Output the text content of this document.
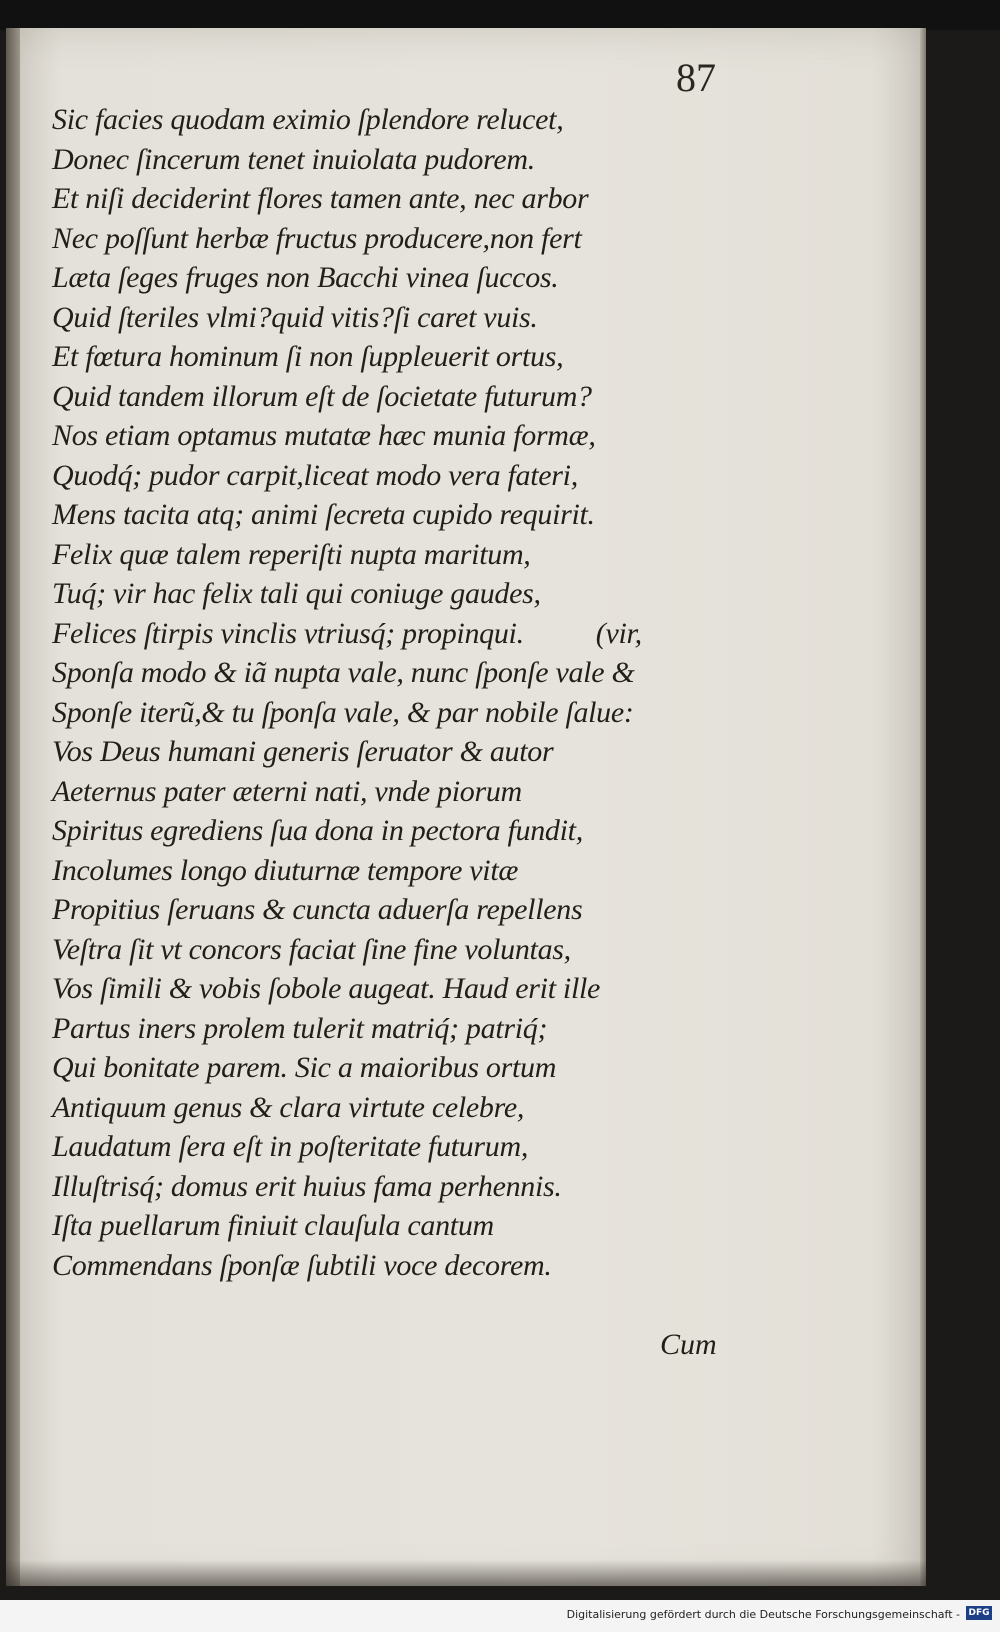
87
Sic facies quodam eximio ſplendore relucet,
Donec ſincerum tenet inuiolata pudorem.
Et niſi deciderint flores tamen ante, nec arbor
Nec poſſunt herbæ fructus producere,non fert
Læta ſeges fruges non Bacchi vinea ſuccos.
Quid ſteriles vlmi?quid vitis?ſi caret vuis.
Et fœtura hominum ſi non ſuppleuerit ortus,
Quid tandem illorum eſt de ſocietate futurum?
Nos etiam optamus mutatæ hæc munia formæ,
Quodq́; pudor carpit,liceat modo vera fateri,
Mens tacita atq; animi ſecreta cupido requirit.
Felix quæ talem reperiſti nupta maritum,
Tuq́; vir hac felix tali qui coniuge gaudes,
Felices ſtirpis vinclis vtriusq́; propinqui.          (vir,
Sponſa modo & iã nupta vale, nunc ſponſe vale &
Sponſe iterũ,& tu ſponſa vale, & par nobile ſalue:
Vos Deus humani generis ſeruator & autor
Aeternus pater æterni nati, vnde piorum
Spiritus egrediens ſua dona in pectora fundit,
Incolumes longo diuturnæ tempore vitæ
Propitius ſeruans & cuncta aduerſa repellens
Veſtra ſit vt concors faciat ſine fine voluntas,
Vos ſimili & vobis ſobole augeat. Haud erit ille
Partus iners prolem tulerit matriq́; patriq́;
Qui bonitate parem. Sic a maioribus ortum
Antiquum genus & clara virtute celebre,
Laudatum ſera eſt in poſteritate futurum,
Illuſtrisq́; domus erit huius fama perhennis.
Iſta puellarum finiuit clauſula cantum
Commendans ſponſæ ſubtili voce decorem.
Cum
Digitalisierung gefördert durch die Deutsche Forschungsgemeinschaft - DFG
